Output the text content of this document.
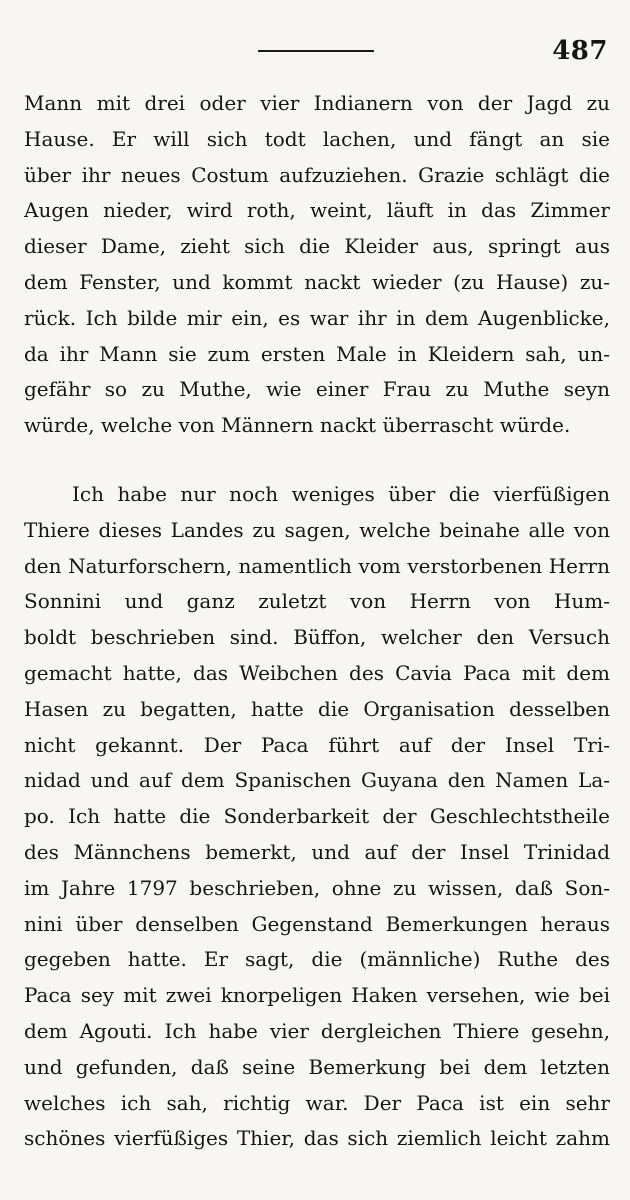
487
Mann mit drei oder vier Indianern von der Jagd zu
Hause. Er will sich todt lachen, und fängt an sie
über ihr neues Costum aufzuziehen. Grazie schlägt die
Augen nieder, wird roth, weint, läuft in das Zimmer
dieser Dame, zieht sich die Kleider aus, springt aus
dem Fenster, und kommt nackt wieder (zu Hause) zu-
rück. Ich bilde mir ein, es war ihr in dem Augenblicke,
da ihr Mann sie zum ersten Male in Kleidern sah, un-
gefähr so zu Muthe, wie einer Frau zu Muthe seyn
würde, welche von Männern nackt überrascht würde.
Ich habe nur noch weniges über die vierfüßigen
Thiere dieses Landes zu sagen, welche beinahe alle von
den Naturforschern, namentlich vom verstorbenen Herrn
Sonnini und ganz zuletzt von Herrn von Hum-
boldt beschrieben sind. Büffon, welcher den Versuch
gemacht hatte, das Weibchen des Cavia Paca mit dem
Hasen zu begatten, hatte die Organisation desselben
nicht gekannt. Der Paca führt auf der Insel Tri-
nidad und auf dem Spanischen Guyana den Namen La-
po. Ich hatte die Sonderbarkeit der Geschlechtstheile
des Männchens bemerkt, und auf der Insel Trinidad
im Jahre 1797 beschrieben, ohne zu wissen, daß Son-
nini über denselben Gegenstand Bemerkungen heraus
gegeben hatte. Er sagt, die (männliche) Ruthe des
Paca sey mit zwei knorpeligen Haken versehen, wie bei
dem Agouti. Ich habe vier dergleichen Thiere gesehn,
und gefunden, daß seine Bemerkung bei dem letzten
welches ich sah, richtig war. Der Paca ist ein sehr
schönes vierfüßiges Thier, das sich ziemlich leicht zahm
